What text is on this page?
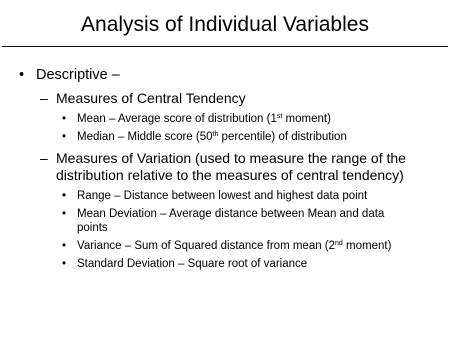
Analysis of Individual Variables
• Descriptive –
– Measures of Central Tendency
• Mean – Average score of distribution (1st moment)
• Median – Middle score (50th percentile) of distribution
– Measures of Variation (used to measure the range of the
distribution relative to the measures of central tendency)
• Range – Distance between lowest and highest data point
• Mean Deviation – Average distance between Mean and data
points
• Variance – Sum of Squared distance from mean (2nd moment)
• Standard Deviation – Square root of variance
